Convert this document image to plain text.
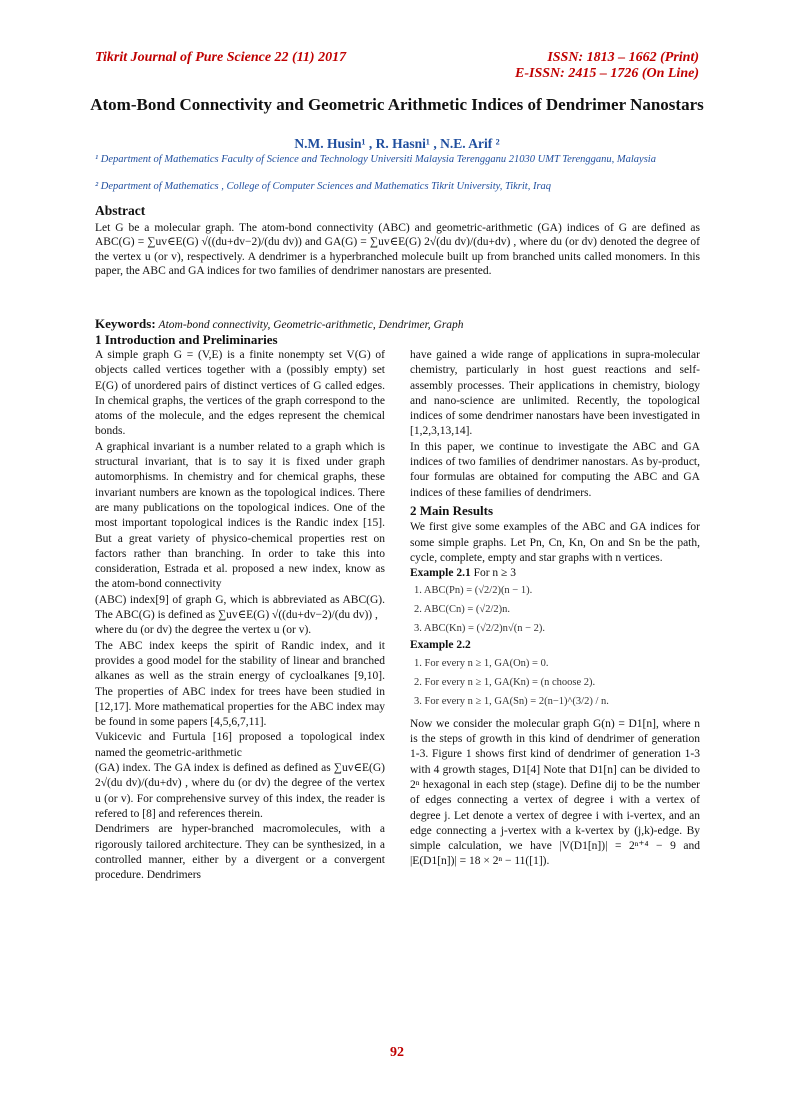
Tikrit Journal of Pure Science 22 (11) 2017	ISSN: 1813 – 1662 (Print)
E-ISSN: 2415 – 1726 (On Line)
Atom-Bond Connectivity and Geometric Arithmetic Indices of Dendrimer Nanostars
N.M. Husin¹ , R. Hasni¹ , N.E. Arif ²
¹ Department of Mathematics Faculty of Science and Technology Universiti Malaysia Terengganu 21030 UMT Terengganu, Malaysia
² Department of Mathematics , College of Computer Sciences and Mathematics Tikrit University, Tikrit, Iraq
Abstract
Let G be a molecular graph. The atom-bond connectivity (ABC) and geometric-arithmetic (GA) indices of G are defined as ABC(G) = ∑uv∈E(G) √((du+dv−2)/(du dv)) and GA(G) = ∑uv∈E(G) 2√(du dv)/(du+dv) , where du (or dv) denoted the degree of the vertex u (or v), respectively. A dendrimer is a hyperbranched molecule built up from branched units called monomers. In this paper, the ABC and GA indices for two families of dendrimer nanostars are presented.
Keywords: Atom-bond connectivity, Geometric-arithmetic, Dendrimer, Graph
1 Introduction and Preliminaries

A simple graph G = (V,E) is a finite nonempty set V(G) of objects called vertices together with a (possibly empty) set E(G) of unordered pairs of distinct vertices of G called edges. In chemical graphs, the vertices of the graph correspond to the atoms of the molecule, and the edges represent the chemical bonds.

A graphical invariant is a number related to a graph which is structural invariant, that is to say it is fixed under graph automorphisms. In chemistry and for chemical graphs, these invariant numbers are known as the topological indices. There are many publications on the topological indices. One of the most important topological indices is the Randic index [15]. But a great variety of physico-chemical properties rest on factors rather than branching. In order to take this into consideration, Estrada et al. proposed a new index, know as the atom-bond connectivity

(ABC) index[9] of graph G, which is abbreviated as ABC(G). The ABC(G) is defined as ∑uv∈E(G) √((du+dv−2)/(du dv)) ,

where du (or dv) the degree the vertex u (or v).

The ABC index keeps the spirit of Randic index, and it provides a good model for the stability of linear and branched alkanes as well as the strain energy of cycloalkanes [9,10]. The properties of ABC index for trees have been studied in [12,17]. More mathematical properties for the ABC index may be found in some papers [4,5,6,7,11].

Vukicevic and Furtula [16] proposed a topological index named the geometric-arithmetic

(GA) index. The GA index is defined as defined as ∑uv∈E(G) 2√(du dv)/(du+dv) , where du (or dv) the degree of the vertex u (or v). For comprehensive survey of this index, the reader is refered to [8] and references therein.

Dendrimers are hyper-branched macromolecules, with a rigorously tailored architecture. They can be synthesized, in a controlled manner, either by a divergent or a convergent procedure. Dendrimers

have gained a wide range of applications in supra-molecular chemistry, particularly in host guest reactions and self-assembly processes. Their applications in chemistry, biology and nano-science are unlimited. Recently, the topological indices of some dendrimer nanostars have been investigated in [1,2,3,13,14].

In this paper, we continue to investigate the ABC and GA indices of two families of dendrimer nanostars. As by-product, four formulas are obtained for computing the ABC and GA indices of these families of dendrimers.

2 Main Results

We first give some examples of the ABC and GA indices for some simple graphs. Let Pn, Cn, Kn, On and Sn be the path, cycle, complete, empty and star graphs with n vertices.

Example 2.1 For n ≥ 3
1. ABC(Pn) = (√2/2)(n − 1).
2. ABC(Cn) = (√2/2)n.
3. ABC(Kn) = (√2/2)n√(n − 2).
Example 2.2
1. For every n ≥ 1, GA(On) = 0.
2. For every n ≥ 1, GA(Kn) = (n choose 2).
3. For every n ≥ 1, GA(Sn) = 2(n−1)^(3/2) / n.

Now we consider the molecular graph G(n) = D1[n], where n is the steps of growth in this kind of dendrimer of generation 1-3. Figure 1 shows first kind of dendrimer of generation 1-3 with 4 growth stages, D1[4] Note that D1[n] can be divided to 2ⁿ hexagonal in each step (stage). Define dij to be the number of edges connecting a vertex of degree i with a vertex of degree j. Let denote a vertex of degree i with i-vertex, and an edge connecting a j-vertex with a k-vertex by (j,k)-edge. By simple calculation, we have |V(D1[n])| = 2ⁿ⁺⁴ − 9 and |E(D1[n])| = 18 × 2ⁿ − 11([1]).

92
